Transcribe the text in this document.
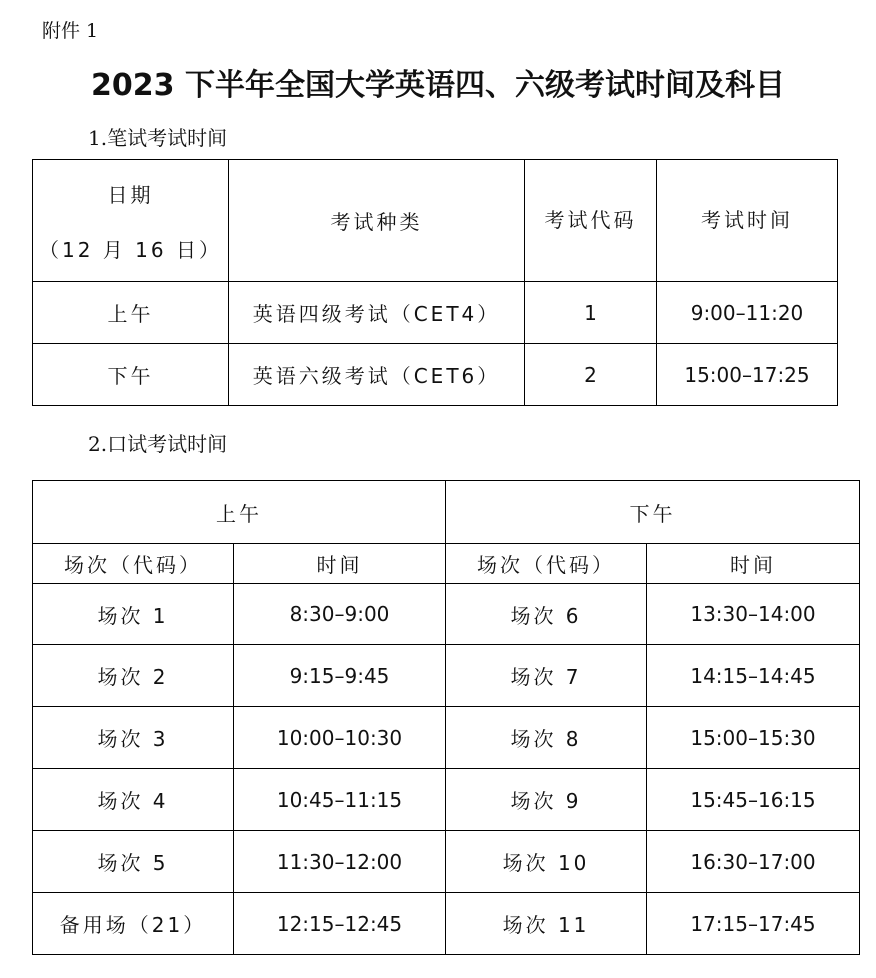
附件 1
2023 下半年全国大学英语四、六级考试时间及科目
1.笔试考试时间
日期
（12 月 16 日）	考试种类	考试代码	考试时间
上午	英语四级考试（CET4）	1	9:00–11:20
下午	英语六级考试（CET6）	2	15:00–17:25
2.口试考试时间
上午		下午	
场次（代码）	时间	场次（代码）	时间
场次 1	8:30–9:00	场次 6	13:30–14:00
场次 2	9:15–9:45	场次 7	14:15–14:45
场次 3	10:00–10:30	场次 8	15:00–15:30
场次 4	10:45–11:15	场次 9	15:45–16:15
场次 5	11:30–12:00	场次 10	16:30–17:00
备用场（21）	12:15–12:45	场次 11	17:15–17:45
